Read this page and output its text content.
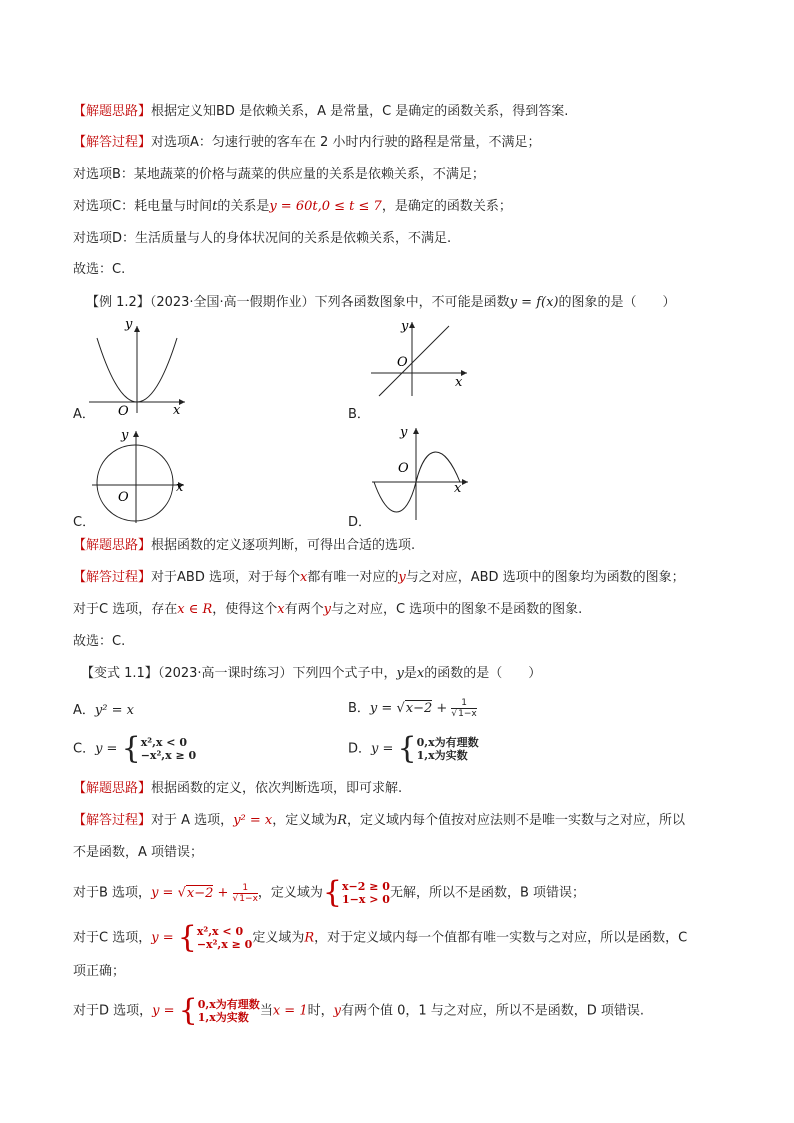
【解题思路】根据定义知BD 是依赖关系，A 是常量，C 是确定的函数关系，得到答案.
【解答过程】对选项A：匀速行驶的客车在 2 小时内行驶的路程是常量，不满足；
对选项B：某地蔬菜的价格与蔬菜的供应量的关系是依赖关系，不满足；
对选项C：耗电量与时间t的关系是y = 60t,0 ≤ t ≤ 7，是确定的函数关系；
对选项D：生活质量与人的身体状况间的关系是依赖关系，不满足.
故选：C.
【例 1.2】（2023·全国·高一假期作业）下列各函数图象中，不可能是函数y = f(x)的图象的是（　　）
A．
y
O	x	B．
y
O
x
C．
y
O
x
D．
y
O
x
【解题思路】根据函数的定义逐项判断，可得出合适的选项.
【解答过程】对于ABD 选项，对于每个x都有唯一对应的y与之对应，ABD 选项中的图象均为函数的图象；
对于C 选项，存在x ∈ R，使得这个x有两个y与之对应，C 选项中的图象不是函数的图象.
故选：C.
【变式 1.1】（2023·高一课时练习）下列四个式子中，y是x的函数的是（　　）
A．y² = x	B．$y = √x-2 + \frac{1}{√1-x}$
C．y = { x²,x < 0
−x²,x ≥ 0	D．y = { 0,x为有理数
1,x为实数
【解题思路】根据函数的定义，依次判断选项，即可求解.
【解答过程】对于 A 选项，y² = x，定义域为R，定义域内每个值按对应法则不是唯一实数与之对应，所以
不是函数，A 项错误；
对于B 选项，$y = √x-2 + \frac{1}{√1-x}$ ，定义域为{ x−2 ≥ 0
1−x > 0 无解，所以不是函数，B 项错误；
对于C 选项，y = { x²,x < 0
−x²,x ≥ 0 定义域为R，对于定义域内每一个值都有唯一实数与之对应，所以是函数，C
项正确；
对于D 选项，y = { 0,x为有理数
1,x为实数 当x = 1时，y有两个值 0，1 与之对应，所以不是函数，D 项错误.
